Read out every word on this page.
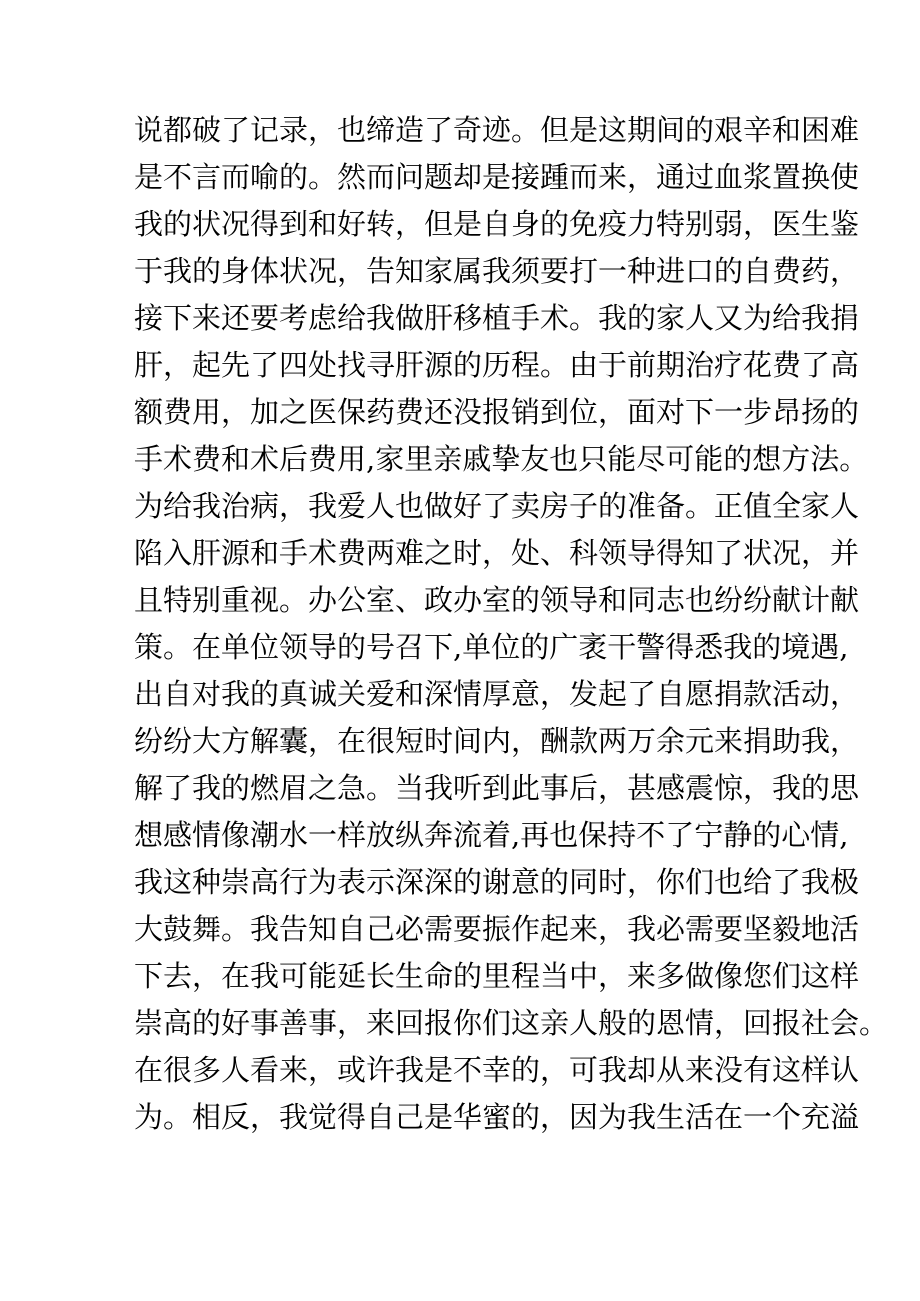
说都破了记录，也缔造了奇迹。但是这期间的艰辛和困难
是不言而喻的。然而问题却是接踵而来，通过血浆置换使
我的状况得到和好转，但是自身的免疫力特别弱，医生鉴
于我的身体状况，告知家属我须要打一种进口的自费药，
接下来还要考虑给我做肝移植手术。我的家人又为给我捐
肝，起先了四处找寻肝源的历程。由于前期治疗花费了高
额费用，加之医保药费还没报销到位，面对下一步昂扬的
手术费和术后费用,家里亲戚挚友也只能尽可能的想方法。
为给我治病，我爱人也做好了卖房子的准备。正值全家人
陷入肝源和手术费两难之时，处、科领导得知了状况，并
且特别重视。办公室、政办室的领导和同志也纷纷献计献
策。在单位领导的号召下,单位的广袤干警得悉我的境遇,
出自对我的真诚关爱和深情厚意，发起了自愿捐款活动，
纷纷大方解囊，在很短时间内，酬款两万余元来捐助我，
解了我的燃眉之急。当我听到此事后，甚感震惊，我的思
想感情像潮水一样放纵奔流着,再也保持不了宁静的心情,
我这种崇高行为表示深深的谢意的同时，你们也给了我极
大鼓舞。我告知自己必需要振作起来，我必需要坚毅地活
下去，在我可能延长生命的里程当中，来多做像您们这样
崇高的好事善事，来回报你们这亲人般的恩情，回报社会。
在很多人看来，或许我是不幸的，可我却从来没有这样认
为。相反，我觉得自己是华蜜的，因为我生活在一个充溢
